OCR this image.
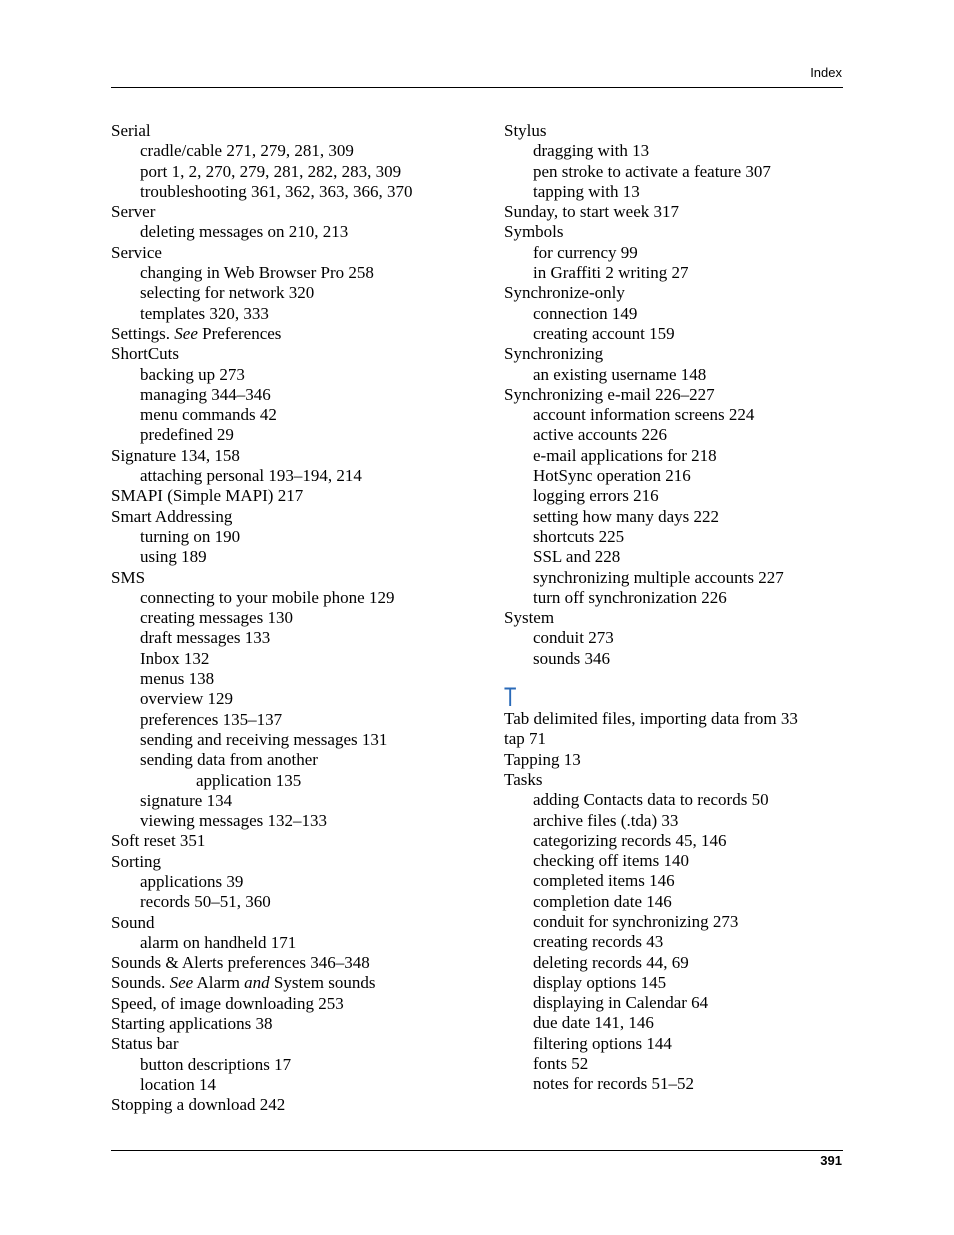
Index
Serial
cradle/cable 271, 279, 281, 309
port 1, 2, 270, 279, 281, 282, 283, 309
troubleshooting 361, 362, 363, 366, 370
Server
deleting messages on 210, 213
Service
changing in Web Browser Pro 258
selecting for network 320
templates 320, 333
Settings. See Preferences
ShortCuts
backing up 273
managing 344–346
menu commands 42
predefined 29
Signature 134, 158
attaching personal 193–194, 214
SMAPI (Simple MAPI) 217
Smart Addressing
turning on 190
using 189
SMS
connecting to your mobile phone 129
creating messages 130
draft messages 133
Inbox 132
menus 138
overview 129
preferences 135–137
sending and receiving messages 131
sending data from another
application 135
signature 134
viewing messages 132–133
Soft reset 351
Sorting
applications 39
records 50–51, 360
Sound
alarm on handheld 171
Sounds & Alerts preferences 346–348
Sounds. See Alarm and System sounds
Speed, of image downloading 253
Starting applications 38
Status bar
button descriptions 17
location 14
Stopping a download 242
Stylus
dragging with 13
pen stroke to activate a feature 307
tapping with 13
Sunday, to start week 317
Symbols
for currency 99
in Graffiti 2 writing 27
Synchronize-only
connection 149
creating account 159
Synchronizing
an existing username 148
Synchronizing e-mail 226–227
account information screens 224
active accounts 226
e-mail applications for 218
HotSync operation 216
logging errors 216
setting how many days 222
shortcuts 225
SSL and 228
synchronizing multiple accounts 227
turn off synchronization 226
System
conduit 273
sounds 346
T
Tab delimited files, importing data from 33
tap 71
Tapping 13
Tasks
adding Contacts data to records 50
archive files (.tda) 33
categorizing records 45, 146
checking off items 140
completed items 146
completion date 146
conduit for synchronizing 273
creating records 43
deleting records 44, 69
display options 145
displaying in Calendar 64
due date 141, 146
filtering options 144
fonts 52
notes for records 51–52
391
